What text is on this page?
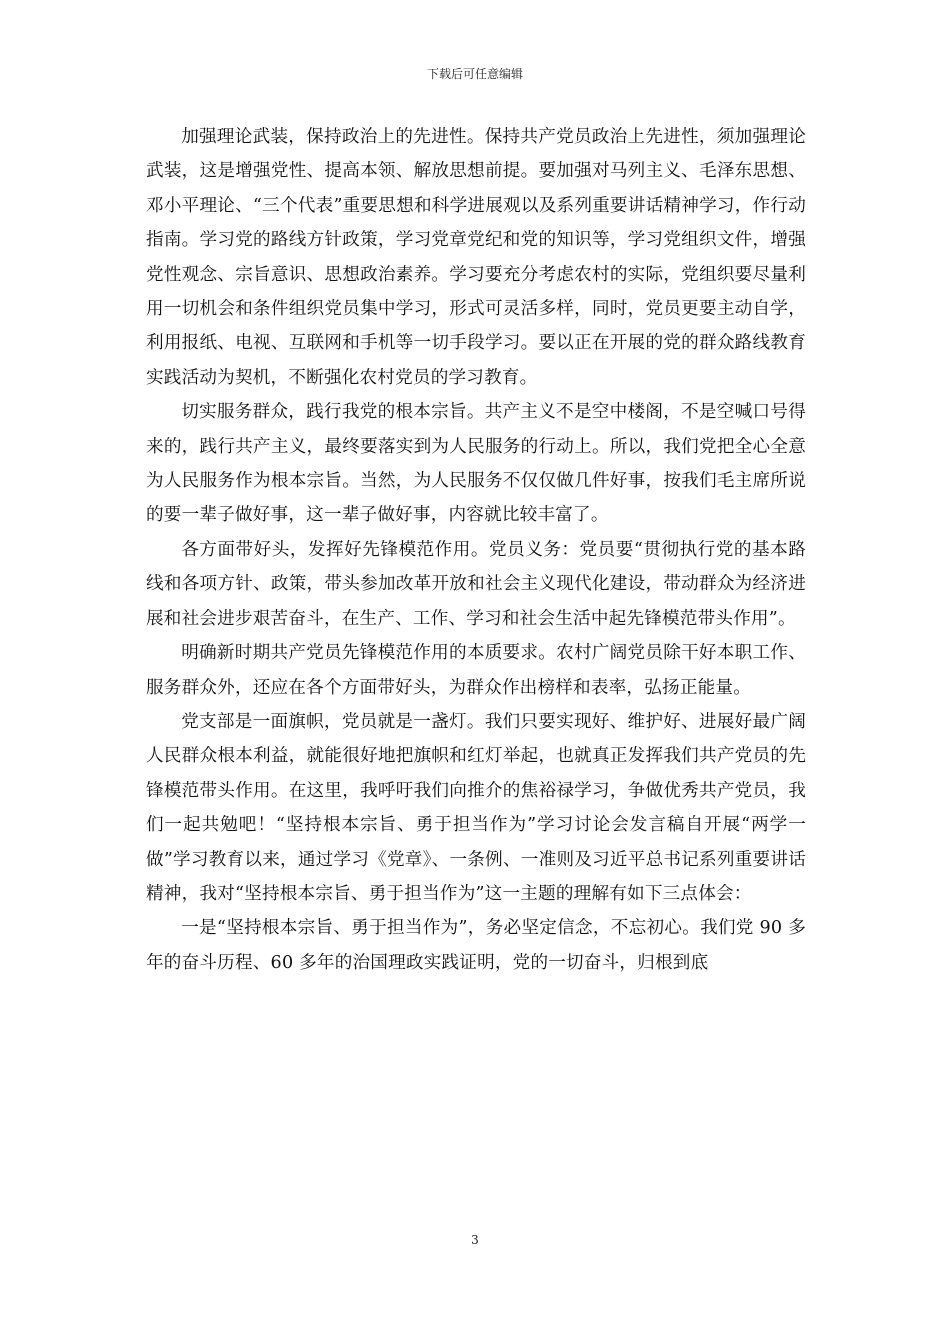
下载后可任意编辑

加强理论武装，保持政治上的先进性。保持共产党员政治上先进性，须加强理论武装，这是增强党性、提高本领、解放思想前提。要加强对马列主义、毛泽东思想、邓小平理论、“三个代表”重要思想和科学进展观以及系列重要讲话精神学习，作行动指南。学习党的路线方针政策，学习党章党纪和党的知识等，学习党组织文件，增强党性观念、宗旨意识、思想政治素养。学习要充分考虑农村的实际，党组织要尽量利用一切机会和条件组织党员集中学习，形式可灵活多样，同时，党员更要主动自学，利用报纸、电视、互联网和手机等一切手段学习。要以正在开展的党的群众路线教育实践活动为契机，不断强化农村党员的学习教育。

切实服务群众，践行我党的根本宗旨。共产主义不是空中楼阁，不是空喊口号得来的，践行共产主义，最终要落实到为人民服务的行动上。所以，我们党把全心全意为人民服务作为根本宗旨。当然，为人民服务不仅仅做几件好事，按我们毛主席所说的要一辈子做好事，这一辈子做好事，内容就比较丰富了。

各方面带好头，发挥好先锋模范作用。党员义务：党员要“贯彻执行党的基本路线和各项方针、政策，带头参加改革开放和社会主义现代化建设，带动群众为经济进展和社会进步艰苦奋斗，在生产、工作、学习和社会生活中起先锋模范带头作用”。

明确新时期共产党员先锋模范作用的本质要求。农村广阔党员除干好本职工作、服务群众外，还应在各个方面带好头，为群众作出榜样和表率，弘扬正能量。

党支部是一面旗帜，党员就是一盏灯。我们只要实现好、维护好、进展好最广阔人民群众根本利益，就能很好地把旗帜和红灯举起，也就真正发挥我们共产党员的先锋模范带头作用。在这里，我呼吁我们向推介的焦裕禄学习，争做优秀共产党员，我们一起共勉吧！“坚持根本宗旨、勇于担当作为”学习讨论会发言稿自开展“两学一做”学习教育以来，通过学习《党章》、一条例、一准则及习近平总书记系列重要讲话精神，我对“坚持根本宗旨、勇于担当作为”这一主题的理解有如下三点体会：

一是“坚持根本宗旨、勇于担当作为”，务必坚定信念，不忘初心。我们党 90 多年的奋斗历程、60 多年的治国理政实践证明，党的一切奋斗，归根到底

3
